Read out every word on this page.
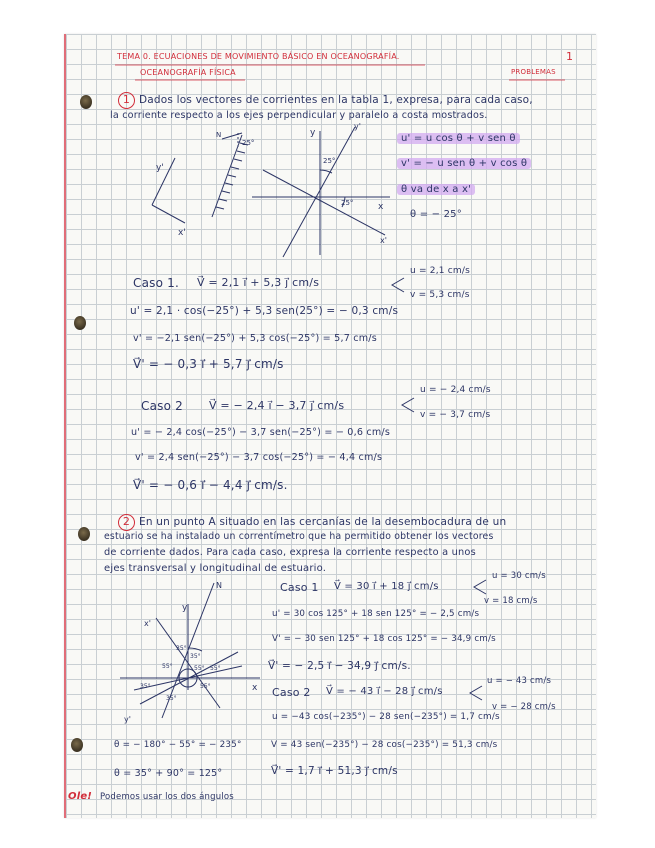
TEMA 0. ECUACIONES DE MOVIMIENTO BÁSICO EN OCEANOGRAFÍA.
OCEANOGRAFÍA FÍSICA
1
PROBLEMAS
1 Dados los vectores de corrientes en la tabla 1, expresa, para cada caso,
la corriente respecto a los ejes perpendicular y paralelo a costa mostrados.
y'
x'
N
25°
y
y'
25°
25°	x
x'
u' = u cos θ + v sen θ
v' = − u sen θ + v cos θ
θ va de x a x'
θ = − 25°
Caso 1. V⃗ = 2,1 i⃗ + 5,3 j⃗ cm/s
u = 2,1 cm/s
v = 5,3 cm/s
u' = 2,1 · cos(−25°) + 5,3 sen(25°) = − 0,3 cm/s
v' = −2,1 sen(−25°) + 5,3 cos(−25°) = 5,7 cm/s
V⃗' = − 0,3 i⃗ + 5,7 j⃗ cm/s
Caso 2 V⃗ = − 2,4 i⃗ − 3,7 j⃗ cm/s
u = − 2,4 cm/s
v = − 3,7 cm/s
u' = − 2,4 cos(−25°) − 3,7 sen(−25°) = − 0,6 cm/s
v' = 2,4 sen(−25°) − 3,7 cos(−25°) = − 4,4 cm/s
V⃗' = − 0,6 i⃗ − 4,4 j⃗ cm/s.
2 En un punto A situado en las cercanías de la desembocadura de un
estuario se ha instalado un correntímetro que ha permitido obtener los vectores
de corriente dados. Para cada caso, expresa la corriente respecto a unos
ejes transversal y longitudinal de estuario.
N
y
x'
35°
35°
55°	55° 55°
35°	55°
35°
x
y'
Caso 1 V⃗ = 30 i⃗ + 18 j⃗ cm/s
u = 30 cm/s
v = 18 cm/s
u' = 30 cos 125° + 18 sen 125° = − 2,5 cm/s
V' = − 30 sen 125° + 18 cos 125° = − 34,9 cm/s
V⃗' = − 2,5 i⃗ − 34,9 j⃗ cm/s.
Caso 2 V⃗ = − 43 i⃗ − 28 j⃗ cm/s
u = − 43 cm/s
v = − 28 cm/s
u = −43 cos(−235°) − 28 sen(−235°) = 1,7 cm/s
V = 43 sen(−235°) − 28 cos(−235°) = 51,3 cm/s
V⃗' = 1,7 i⃗ + 51,3 j⃗ cm/s
θ = − 180° − 55° = − 235°
θ = 35° + 90° = 125°
Ole! Podemos usar los dos ángulos
